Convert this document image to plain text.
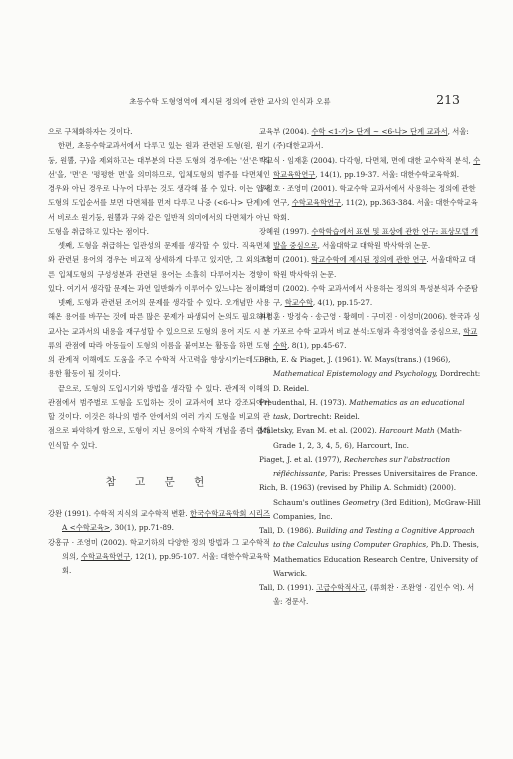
초등수학 도형영역에 제시된 정의에 관한 교사의 인식과 오류	213

으로 구체화하자는 것이다.

한편, 초등수학교과서에서 다루고 있는 원과 관련된 도형(원, 원기둥, 원뿔, 구)을 제외하고는 대부분의 다른 도형의 경우에는 '선'은 '직선'을, '면'은 '평평한 면'을 의미하므로, 입체도형의 범주를 다면체인 경우와 아닌 경우로 나누어 다루는 것도 생각해 볼 수 있다. 이는 입체도형의 도입순서를 보면 다면체를 먼저 다루고 나중 (<6-나> 단계)에서 비로소 원기둥, 원뿔과 구와 같은 일반적 의미에서의 다면체가 아닌 도형을 취급하고 있다는 점이다.

셋째, 도형을 취급하는 일관성의 문제를 생각할 수 있다. 직육면체와 관련된 용어의 경우는 비교적 상세하게 다루고 있지만, 그 외의 다른 입체도형의 구성성분과 관련된 용어는 소홀히 다루어지는 경향이 있다. 여기서 생각할 문제는 과연 일반화가 이루어수 있느냐는 점이다.

넷째, 도형과 관련된 조어의 문제를 생각할 수 있다. 오개념만 사용해온 용어를 바꾸는 것에 따른 많은 문제가 파생되어 논의도 필요하나 교사는 교과서의 내용을 재구성할 수 있으므로 도형의 용어 지도 시 분류의 관점에 따라 아동들이 도형의 이름을 붙여보는 활동을 하면 도형의 관계적 이해에도 도움을 주고 수학적 사고력을 향상시키는데도 유용한 활동이 될 것이다.

끝으로, 도형의 도입시기와 방법을 생각할 수 있다. 관계적 이해의 관점에서 범주별로 도형을 도입하는 것이 교과서에 보다 강조되어야 할 것이다. 이것은 하나의 범주 안에서의 여러 가지 도형을 비교의 관점으로 파악하게 함으로, 도형이 지닌 용어의 수학적 개념을 좀더 쉽게 인식할 수 있다.

참 고 문 헌
강완 (1991). 수학적 지식의 교수학적 변환. 한국수학교육학회 시리즈 A <수학교육>, 30(1), pp.71-89.
강흥규 · 조영미 (2002). 학교기하의 다양한 정의 방법과 그 교수학적 의의, 수학교육학연구, 12(1), pp.95-107. 서울: 대한수학교육학회.
교육부 (2004). 수학 <1-가> 단계 ~ <6-나> 단계 교과서, 서울: (주)대한교과서.
박교식 · 임재훈 (2004). 다각형, 다면체, 면에 대한 교수학적 분석, 수학교육학연구, 14(1), pp.19-37. 서울: 대한수학교육학회.
우정호 · 조영미 (2001). 학교수학 교과서에서 사용하는 정의에 관한 연구, 수학교육학연구, 11(2), pp.363-384. 서울: 대한수학교육학회.
장혜원 (1997). 수학학습에서 표현 및 표상에 관한 연구: 표상모델 개발을 중심으로, 서울대학교 대학원 박사학위 논문.
조영미 (2001). 학교수학에 제시된 정의에 관한 연구. 서울대학교 대학원 박사학위 논문.
조영미 (2002). 수학 교과서에서 사용하는 정의의 특성분석과 수준탐구, 학교수학, 4(1), pp.15-27.
최병훈 · 방정숙 · 송근영 · 황혜미 · 구미진 · 이성미(2006). 한국과 싱가포르 수학 교과서 비교 분석:도형과 측정영역을 중심으로, 학교수학, 8(1), pp.45-67.
Beth, E. & Piaget, J. (1961). W. Mays(trans.) (1966), Mathematical Epistemology and Psychology, Dordrecht: D. Reidel.
Freudenthal, H. (1973). Mathematics as an educational task, Dortrecht: Reidel.
Maletsky, Evan M. et al. (2002). Harcourt Math (Math-Grade 1, 2, 3, 4, 5, 6), Harcourt, Inc.
Piaget, J. et al. (1977), Recherches sur l'abstraction réfléchissante, Paris: Presses Universitaires de France.
Rich, B. (1963) (revised by Philip A. Schmidt) (2000). Schaum's outlines Geometry (3rd Edition), McGraw-Hill Companies, Inc.
Tall, D. (1986). Building and Testing a Cognitive Approach to the Calculus using Computer Graphics, Ph.D. Thesis, Mathematics Education Research Centre, University of Warwick.
Tall, D. (1991). 고급수학적사고, (류희찬 · 조완영 · 김인수 역). 서울: 경문사.
